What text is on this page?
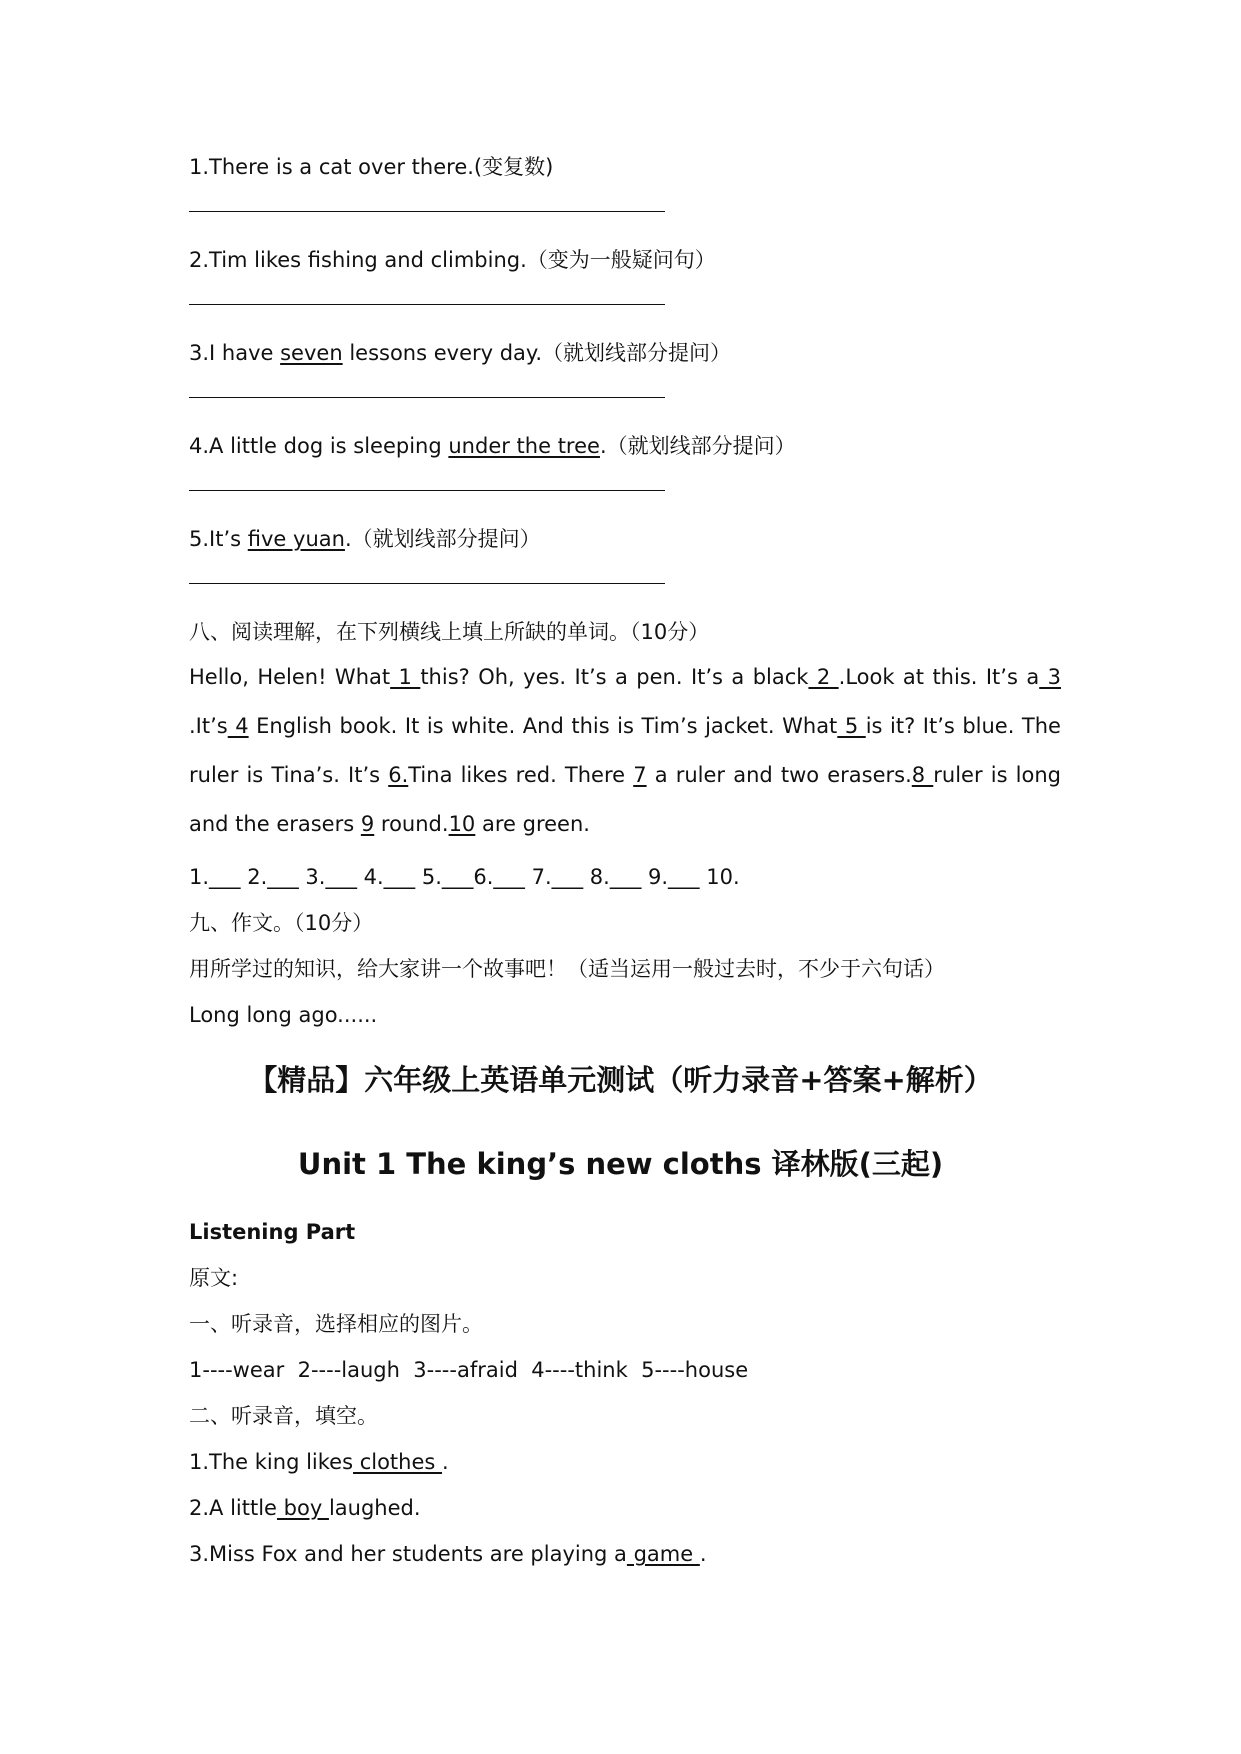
1.There is a cat over there.(变复数)
2.Tim likes fishing and climbing.（变为一般疑问句）
3.I have seven lessons every day.（就划线部分提问）
4.A little dog is sleeping under the tree.（就划线部分提问）
5.It’s five yuan.（就划线部分提问）
八、阅读理解，在下列横线上填上所缺的单词。（10分）
Hello, Helen! What 1 this? Oh, yes. It’s a pen. It’s a black 2 .Look at this. It’s a 3 .It’s 4 English book. It is white. And this is Tim’s jacket. What 5 is it? It’s blue. The ruler is Tina’s. It’s 6.Tina likes red. There 7 a ruler and two erasers.8 ruler is long and the erasers 9 round.10 are green.
1.___ 2.___ 3.___ 4.___ 5.___6.___ 7.___ 8.___ 9.___ 10.
九、作文。（10分）
用所学过的知识，给大家讲一个故事吧！（适当运用一般过去时，不少于六句话）
Long long ago......
【精品】六年级上英语单元测试（听力录音+答案+解析）
Unit 1 The king’s new cloths 译林版(三起)
Listening Part
原文:
一、听录音，选择相应的图片。
1----wear  2----laugh  3----afraid  4----think  5----house
二、听录音，填空。
1.The king likes clothes .
2.A little boy laughed.
3.Miss Fox and her students are playing a game .
